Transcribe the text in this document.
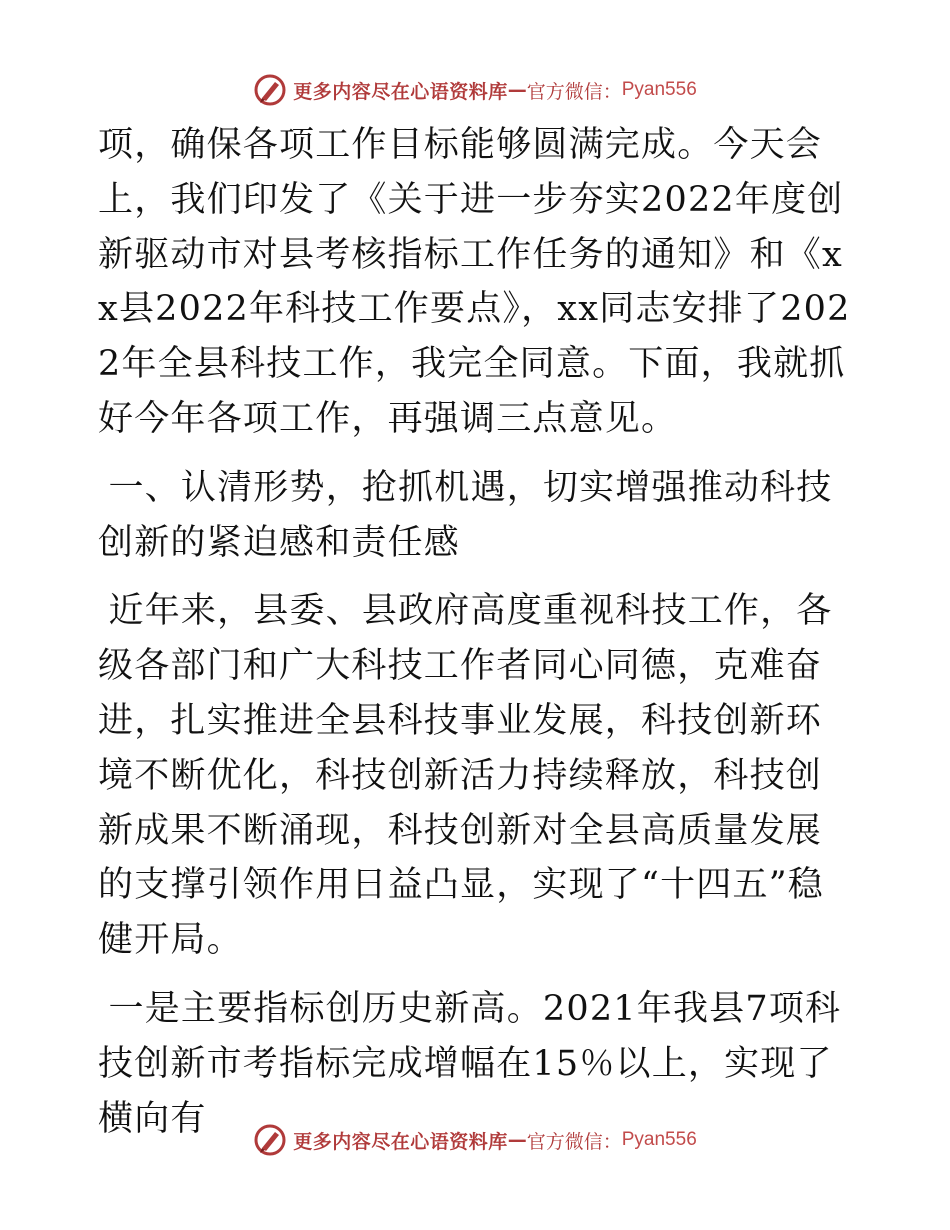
更多内容尽在心语资料库 — 官方微信： Pyan556

项，确保各项工作目标能够圆满完成。今天会上，我们印发了《关于进一步夯实2022年度创新驱动市对县考核指标工作任务的通知》和《xx县2022年科技工作要点》，xx同志安排了2022年全县科技工作，我完全同意。下面，我就抓好今年各项工作，再强调三点意见。

一、认清形势，抢抓机遇，切实增强推动科技创新的紧迫感和责任感

近年来，县委、县政府高度重视科技工作，各级各部门和广大科技工作者同心同德，克难奋进，扎实推进全县科技事业发展，科技创新环境不断优化，科技创新活力持续释放，科技创新成果不断涌现，科技创新对全县高质量发展的支撑引领作用日益凸显，实现了“十四五”稳健开局。

一是主要指标创历史新高。2021年我县7项科技创新市考指标完成增幅在15％以上，实现了横向有

更多内容尽在心语资料库 — 官方微信： Pyan556
